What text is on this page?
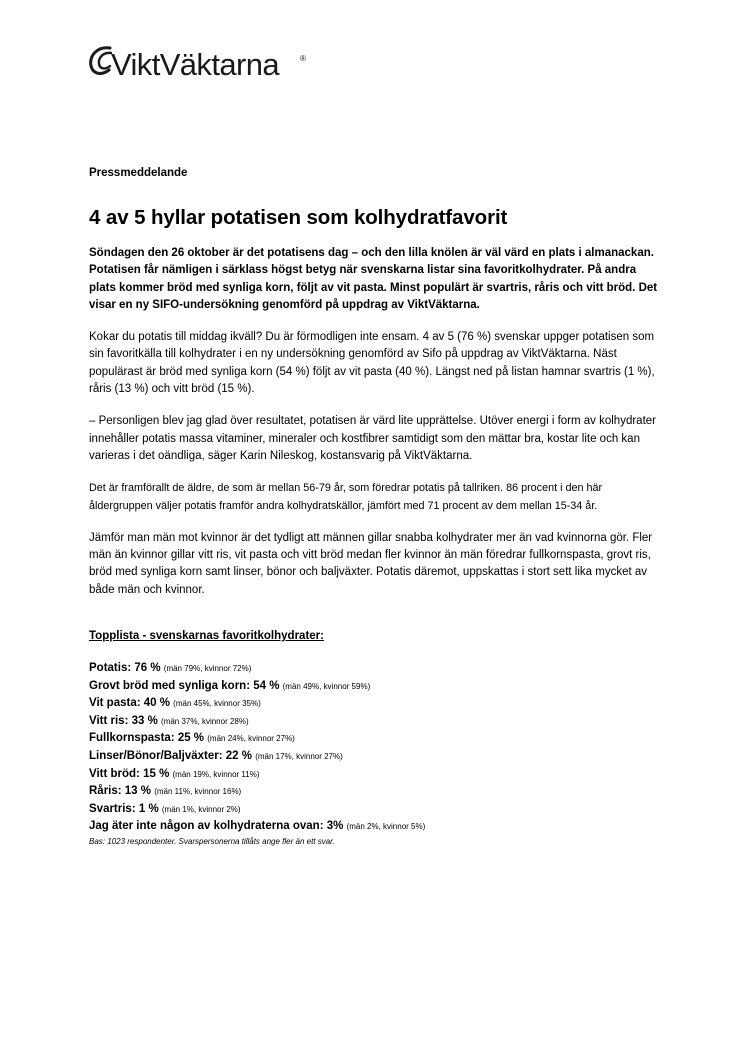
ViktVäktarna	®

Pressmeddelande

4 av 5 hyllar potatisen som kolhydratfavorit

Söndagen den 26 oktober är det potatisens dag – och den lilla knölen är väl värd en plats i almanackan. Potatisen får nämligen i särklass högst betyg när svenskarna listar sina favoritkolhydrater. På andra plats kommer bröd med synliga korn, följt av vit pasta. Minst populärt är svartris, råris och vitt bröd. Det visar en ny SIFO-undersökning genomförd på uppdrag av ViktVäktarna.

Kokar du potatis till middag ikväll? Du är förmodligen inte ensam. 4 av 5 (76 %) svenskar uppger potatisen som sin favoritkälla till kolhydrater i en ny undersökning genomförd av Sifo på uppdrag av ViktVäktarna. Näst populärast är bröd med synliga korn (54 %) följt av vit pasta (40 %). Längst ned på listan hamnar svartris (1 %), råris (13 %) och vitt bröd (15 %).

– Personligen blev jag glad över resultatet, potatisen är värd lite upprättelse. Utöver energi i form av kolhydrater innehåller potatis massa vitaminer, mineraler och kostfibrer samtidigt som den mättar bra, kostar lite och kan varieras i det oändliga, säger Karin Nileskog, kostansvarig på ViktVäktarna.

Det är framförallt de äldre, de som är mellan 56-79 år, som föredrar potatis på tallriken. 86 procent i den här åldergruppen väljer potatis framför andra kolhydratskällor, jämfört med 71 procent av dem mellan 15-34 år.

Jämför man män mot kvinnor är det tydligt att männen gillar snabba kolhydrater mer än vad kvinnorna gör. Fler män än kvinnor gillar vitt ris, vit pasta och vitt bröd medan fler kvinnor än män föredrar fullkornspasta, grovt ris, bröd med synliga korn samt linser, bönor och baljväxter. Potatis däremot, uppskattas i stort sett lika mycket av både män och kvinnor.

Topplista - svenskarnas favoritkolhydrater:

Potatis: 76 % (män 79%, kvinnor 72%)
Grovt bröd med synliga korn: 54 % (män 49%, kvinnor 59%)
Vit pasta: 40 % (män 45%, kvinnor 35%)
Vitt ris: 33 % (män 37%, kvinnor 28%)
Fullkornspasta: 25 % (män 24%, kvinnor 27%)
Linser/Bönor/Baljväxter: 22 % (män 17%, kvinnor 27%)
Vitt bröd: 15 % (män 19%, kvinnor 11%)
Råris: 13 % (män 11%, kvinnor 16%)
Svartris: 1 % (män 1%, kvinnor 2%)
Jag äter inte någon av kolhydraterna ovan: 3% (män 2%, kvinnor 5%)

Bas: 1023 respondenter. Svarspersonerna tillåts ange fler än ett svar.
